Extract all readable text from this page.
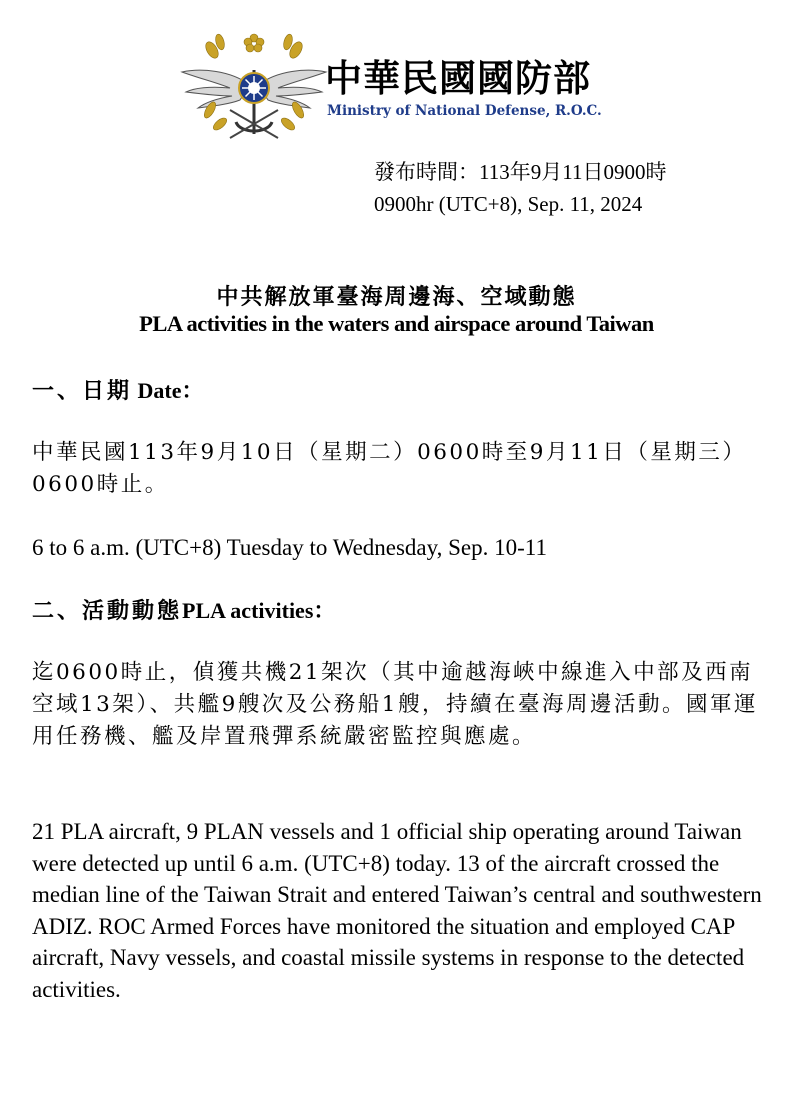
中華民國國防部
Ministry of National Defense, R.O.C.
發布時間：113年9月11日0900時
0900hr (UTC+8), Sep. 11, 2024
中共解放軍臺海周邊海、空域動態
PLA activities in the waters and airspace around Taiwan
一、日期 Date：
中華民國113年9月10日（星期二）0600時至9月11日（星期三）0600時止。
6 to 6 a.m. (UTC+8) Tuesday to Wednesday, Sep. 10-11
二、活動動態PLA activities：
迄0600時止，偵獲共機21架次（其中逾越海峽中線進入中部及西南空域13架）、共艦9艘次及公務船1艘，持續在臺海周邊活動。國軍運用任務機、艦及岸置飛彈系統嚴密監控與應處。
21 PLA aircraft, 9 PLAN vessels and 1 official ship operating around Taiwan were detected up until 6 a.m. (UTC+8) today. 13 of the aircraft crossed the median line of the Taiwan Strait and entered Taiwan’s central and southwestern ADIZ. ROC Armed Forces have monitored the situation and employed CAP aircraft, Navy vessels, and coastal missile systems in response to the detected activities.
